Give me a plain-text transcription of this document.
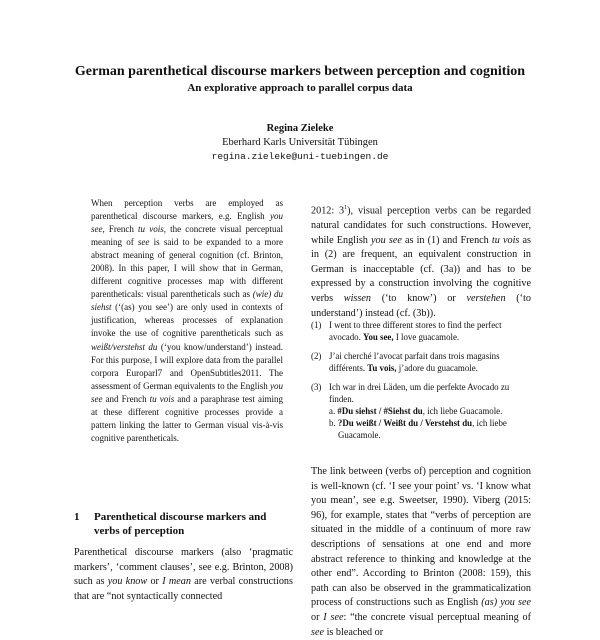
German parenthetical discourse markers between perception and cognition
An explorative approach to parallel corpus data
Regina Zieleke
Eberhard Karls Universität Tübingen
regina.zieleke@uni-tuebingen.de
When perception verbs are employed as parenthetical discourse markers, e.g. English you see, French tu vois, the concrete visual perceptual meaning of see is said to be expanded to a more abstract meaning of general cognition (cf. Brinton, 2008). In this paper, I will show that in German, different cognitive processes map with different parentheticals: visual parentheticals such as (wie) du siehst (‘(as) you see’) are only used in contexts of justification, whereas processes of explanation invoke the use of cognitive parentheticals such as weißt/verstehst du (‘you know/understand’) instead. For this purpose, I will explore data from the parallel corpora Europarl7 and OpenSubtitles2011. The assessment of German equivalents to the English you see and French tu vois and a paraphrase test aiming at these different cognitive processes provide a pattern linking the latter to German visual vis-à-vis cognitive parentheticals.
1 Parenthetical discourse markers and verbs of perception
Parenthetical discourse markers (also ‘pragmatic markers’, ‘comment clauses’, see e.g. Brinton, 2008) such as you know or I mean are verbal constructions that are “not syntactically connected

2012: $3^1$), visual perception verbs can be regarded natural candidates for such constructions. However, while English you see as in (1) and French tu vois as in (2) are frequent, an equivalent construction in German is inacceptable (cf. (3a)) and has to be expressed by a construction involving the cognitive verbs wissen (‘to know’) or verstehen (‘to understand’) instead (cf. (3b)).

(1) I went to three different stores to find the perfect avocado. You see, I love guacamole.
(2) J’ai cherché l’avocat parfait dans trois magasins différents. Tu vois, j’adore du guacamole.
(3) Ich war in drei Läden, um die perfekte Avocado zu finden.
a. #Du siehst / #Siehst du, ich liebe Guacamole.
b. ?Du weißt / Weißt du / Verstehst du, ich liebe Guacamole.
The link between (verbs of) perception and cognition is well-known (cf. ‘I see your point’ vs. ‘I know what you mean’, see e.g. Sweetser, 1990). Viberg (2015: 96), for example, states that “verbs of perception are situated in the middle of a continuum of more raw descriptions of sensations at one end and more abstract reference to thinking and knowledge at the other end”. According to Brinton (2008: 159), this path can also be observed in the grammaticalization process of constructions such as English (as) you see or I see: “the concrete visual perceptual meaning of see is bleached or
